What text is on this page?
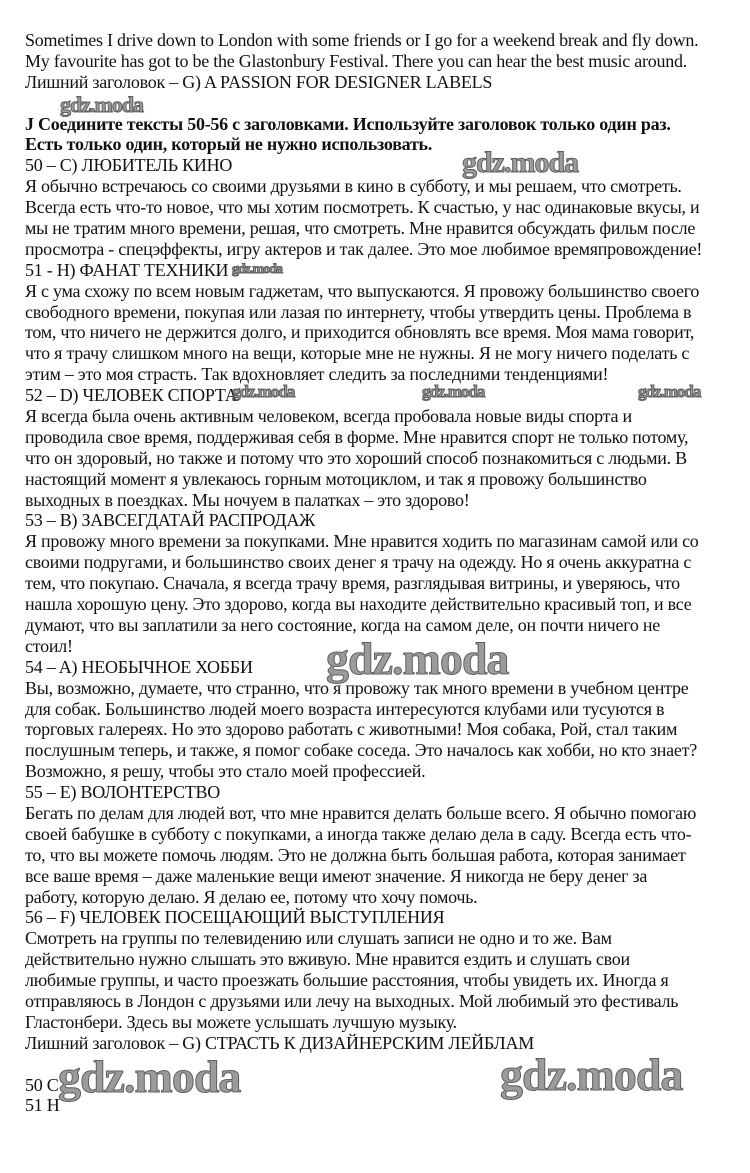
Sometimes I drive down to London with some friends or I go for a weekend break and fly down.
My favourite has got to be the Glastonbury Festival. There you can hear the best music around.
Лишний заголовок – G) A PASSION FOR DESIGNER LABELS
J Соедините тексты 50-56 с заголовками. Используйте заголовок только один раз.
Есть только один, который не нужно использовать.
50 – C) ЛЮБИТЕЛЬ КИНО
Я обычно встречаюсь со своими друзьями в кино в субботу, и мы решаем, что смотреть.
Всегда есть что-то новое, что мы хотим посмотреть. К счастью, у нас одинаковые вкусы, и
мы не тратим много времени, решая, что смотреть. Мне нравится обсуждать фильм после
просмотра - спецэффекты, игру актеров и так далее. Это мое любимое времяпровождение!
51 - H) ФАНАТ ТЕХНИКИ
Я с ума схожу по всем новым гаджетам, что выпускаются. Я провожу большинство своего
свободного времени, покупая или лазая по интернету, чтобы утвердить цены. Проблема в
том, что ничего не держится долго, и приходится обновлять все время. Моя мама говорит,
что я трачу слишком много на вещи, которые мне не нужны. Я не могу ничего поделать с
этим – это моя страсть. Так вдохновляет следить за последними тенденциями!
52 – D) ЧЕЛОВЕК СПОРТА
Я всегда была очень активным человеком, всегда пробовала новые виды спорта и
проводила свое время, поддерживая себя в форме. Мне нравится спорт не только потому,
что он здоровый, но также и потому что это хороший способ познакомиться с людьми. В
настоящий момент я увлекаюсь горным мотоциклом, и так я провожу большинство
выходных в поездках. Мы ночуем в палатках – это здорово!
53 – B) ЗАВСЕГДАТАЙ РАСПРОДАЖ
Я провожу много времени за покупками. Мне нравится ходить по магазинам самой или со
своими подругами, и большинство своих денег я трачу на одежду. Но я очень аккуратна с
тем, что покупаю. Сначала, я всегда трачу время, разглядывая витрины, и уверяюсь, что
нашла хорошую цену. Это здорово, когда вы находите действительно красивый топ, и все
думают, что вы заплатили за него состояние, когда на самом деле, он почти ничего не
стоил!
54 – A) НЕОБЫЧНОЕ ХОББИ
Вы, возможно, думаете, что странно, что я провожу так много времени в учебном центре
для собак. Большинство людей моего возраста интересуются клубами или тусуются в
торговых галереях. Но это здорово работать с животными! Моя собака, Рой, стал таким
послушным теперь, и также, я помог собаке соседа. Это началось как хобби, но кто знает?
Возможно, я решу, чтобы это стало моей профессией.
55 – E) ВОЛОНТЕРСТВО
Бегать по делам для людей вот, что мне нравится делать больше всего. Я обычно помогаю
своей бабушке в субботу с покупками, а иногда также делаю дела в саду. Всегда есть что-
то, что вы можете помочь людям. Это не должна быть большая работа, которая занимает
все ваше время – даже маленькие вещи имеют значение. Я никогда не беру денег за
работу, которую делаю. Я делаю ее, потому что хочу помочь.
56 – F) ЧЕЛОВЕК ПОСЕЩАЮЩИЙ ВЫСТУПЛЕНИЯ
Смотреть на группы по телевидению или слушать записи не одно и то же. Вам
действительно нужно слышать это вживую. Мне нравится ездить и слушать свои
любимые группы, и часто проезжать большие расстояния, чтобы увидеть их. Иногда я
отправляюсь в Лондон с друзьями или лечу на выходных. Мой любимый это фестиваль
Гластонбери. Здесь вы можете услышать лучшую музыку.
Лишний заголовок – G) СТРАСТЬ К ДИЗАЙНЕРСКИМ ЛЕЙБЛАМ
50 C
51 H
gdz.moda
gdz.moda
gdz.moda
gdz.moda	gdz.moda	gdz.moda
gdz.moda
gdz.moda	gdz.moda
